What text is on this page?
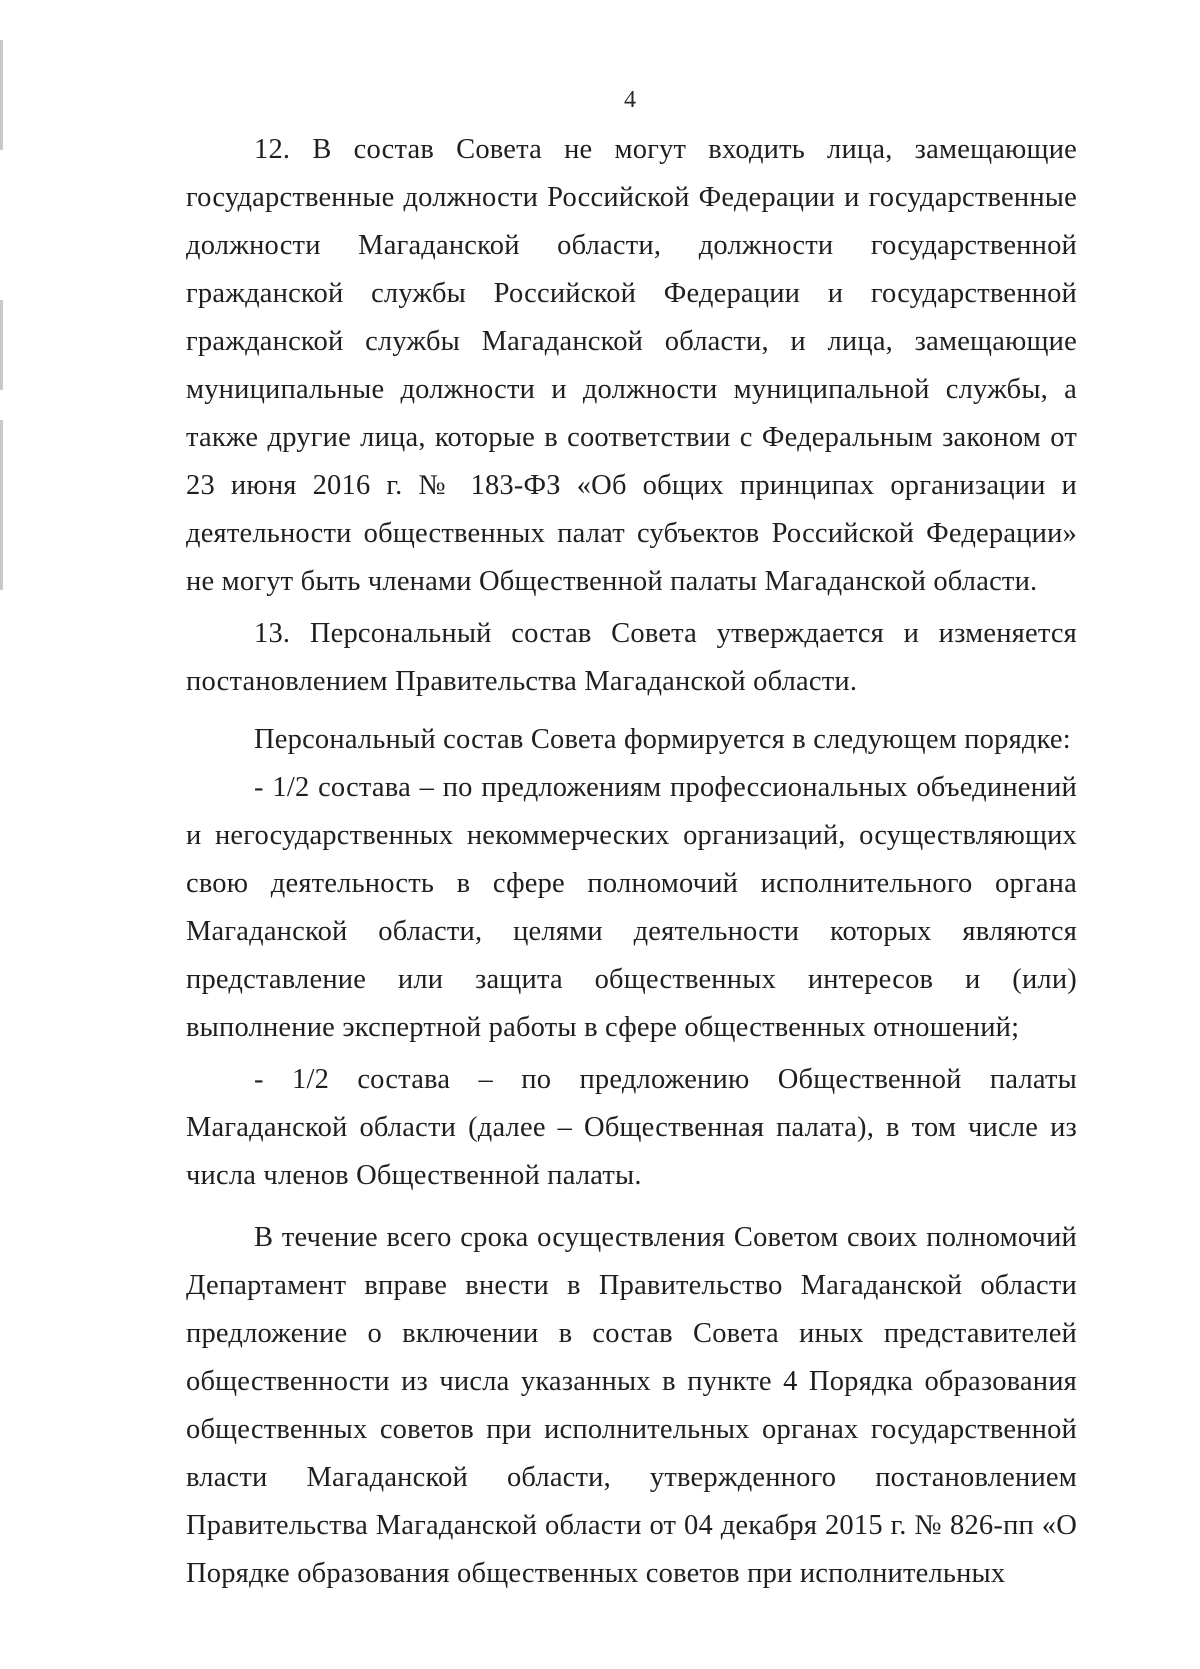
4

12. В состав Совета не могут входить лица, замещающие государственные должности Российской Федерации и государственные должности Магаданской области, должности государственной гражданской службы Российской Федерации и государственной гражданской службы Магаданской области, и лица, замещающие муниципальные должности и должности муниципальной службы, а также другие лица, которые в соответствии с Федеральным законом от 23 июня 2016 г. № 183-ФЗ «Об общих принципах организации и деятельности общественных палат субъектов Российской Федерации» не могут быть членами Общественной палаты Магаданской области.

13. Персональный состав Совета утверждается и изменяется постановлением Правительства Магаданской области.

Персональный состав Совета формируется в следующем порядке:

- 1/2 состава – по предложениям профессиональных объединений и негосударственных некоммерческих организаций, осуществляющих свою деятельность в сфере полномочий исполнительного органа Магаданской области, целями деятельности которых являются представление или защита общественных интересов и (или) выполнение экспертной работы в сфере общественных отношений;

- 1/2 состава – по предложению Общественной палаты Магаданской области (далее – Общественная палата), в том числе из числа членов Общественной палаты.

В течение всего срока осуществления Советом своих полномочий Департамент вправе внести в Правительство Магаданской области предложение о включении в состав Совета иных представителей общественности из числа указанных в пункте 4 Порядка образования общественных советов при исполнительных органах государственной власти Магаданской области, утвержденного постановлением Правительства Магаданской области от 04 декабря 2015 г. № 826-пп «О Порядке образования общественных советов при исполнительных
